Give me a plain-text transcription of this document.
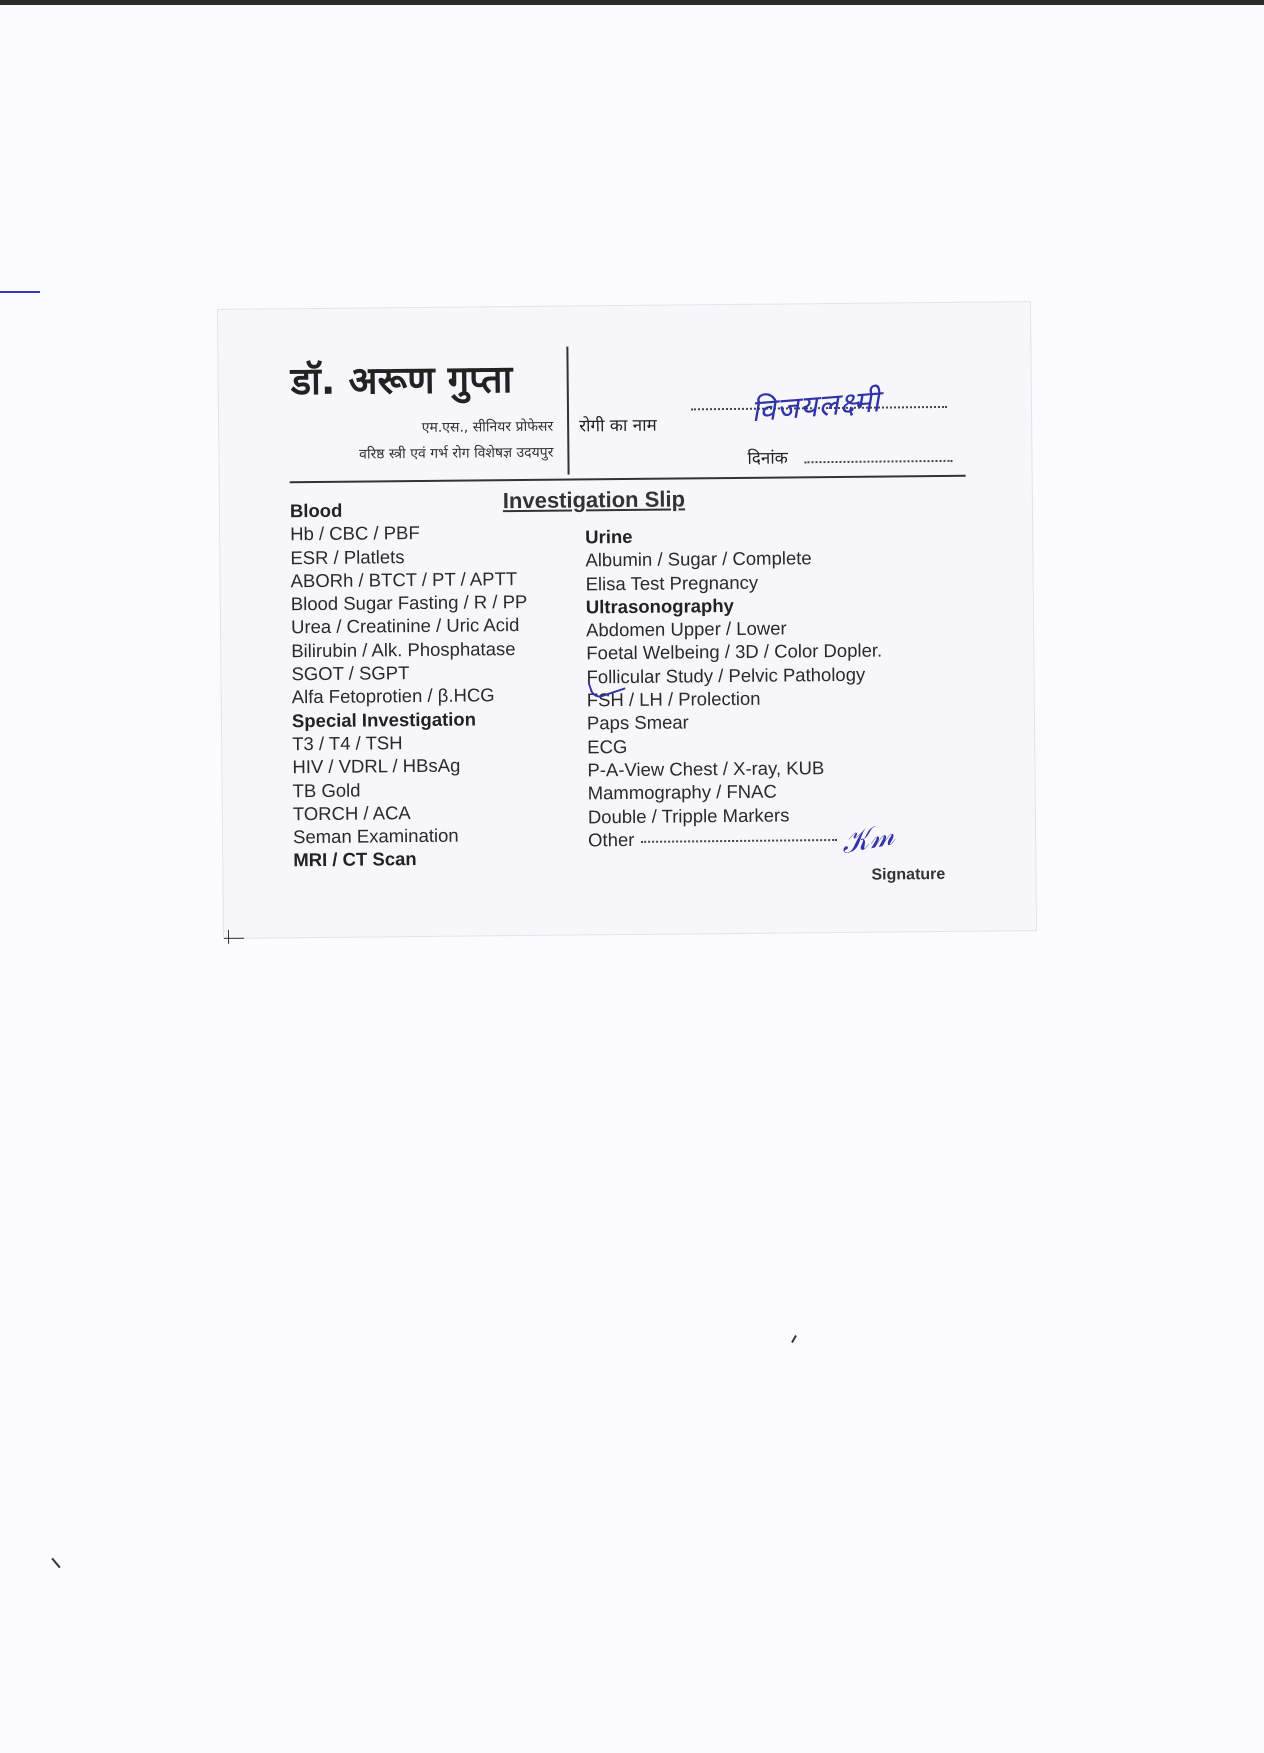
डॉ. अरूण गुप्ता
एम.एस., सीनियर प्रोफेसर
वरिष्ठ स्त्री एवं गर्भ रोग विशेषज्ञ उदयपुर
रोगी का नाम	विजयलक्ष्मी
दिनांक
Investigation Slip
Blood
Hb / CBC / PBF
ESR / Platlets
ABORh / BTCT / PT / APTT
Blood Sugar Fasting / R / PP
Urea / Creatinine / Uric Acid
Bilirubin / Alk. Phosphatase
SGOT / SGPT
Alfa Fetoprotien / β.HCG
Special Investigation
T3 / T4 / TSH
HIV / VDRL / HBsAg
TB Gold
TORCH / ACA
Seman Examination
MRI / CT Scan
Urine
Albumin / Sugar / Complete
Elisa Test Pregnancy
Ultrasonography
Abdomen Upper / Lower
Foetal Welbeing / 3D / Color Dopler.
Follicular Study / Pelvic Pathology
FSH / LH / Prolection
Paps Smear
ECG
P-A-View Chest / X-ray, KUB
Mammography / FNAC
Double / Tripple Markers
Other	𝒦𝓂
Signature
